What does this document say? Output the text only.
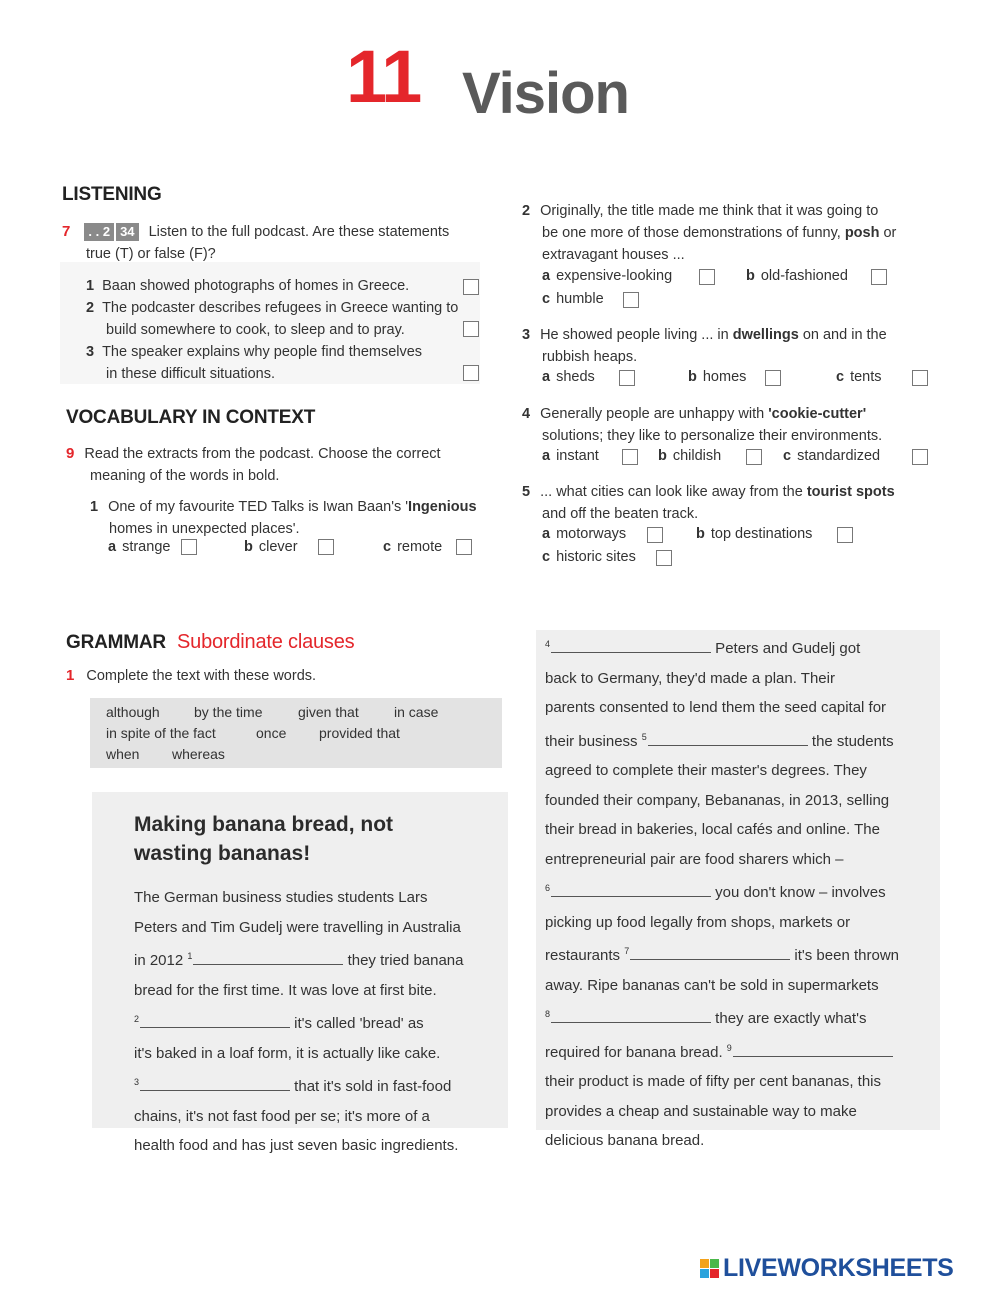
11 Vision
LISTENING
7	. . 2 34 Listen to the full podcast. Are these statements
true (T) or false (F)?
1 Baan showed photographs of homes in Greece.
2 The podcaster describes refugees in Greece wanting to
build somewhere to cook, to sleep and to pray.
3 The speaker explains why people find themselves
in these difficult situations.
VOCABULARY IN CONTEXT
9 Read the extracts from the podcast. Choose the correct
meaning of the words in bold.
1 One of my favourite TED Talks is Iwan Baan's 'Ingenious
homes in unexpected places'.
a strange	b clever	c remote
2 Originally, the title made me think that it was going to
be one more of those demonstrations of funny, posh or
extravagant houses ...
a expensive-looking	b old-fashioned
c humble
3 He showed people living ... in dwellings on and in the
rubbish heaps.
a sheds	b homes	c tents
4 Generally people are unhappy with 'cookie-cutter'
solutions; they like to personalize their environments.
a instant	b childish	c standardized
5 ... what cities can look like away from the tourist spots
and off the beaten track.
a motorways	b top destinations
c historic sites
GRAMMAR Subordinate clauses
1 Complete the text with these words.
although by the time	given that	in case
in spite of the fact	once provided that
when whereas
Making banana bread, not
wasting bananas!
The German business studies students Lars
Peters and Tim Gudelj were travelling in Australia
in 2012 $^1$	they tried banana
bread for the first time. It was love at first bite.
$^2$	it's called 'bread' as
it's baked in a loaf form, it is actually like cake.
$^3$	that it's sold in fast-food
chains, it's not fast food per se; it's more of a
health food and has just seven basic ingredients.
$^4$	Peters and Gudelj got
back to Germany, they'd made a plan. Their
parents consented to lend them the seed capital for
their business $^5$	the students
agreed to complete their master's degrees. They
founded their company, Bebananas, in 2013, selling
their bread in bakeries, local cafés and online. The
entrepreneurial pair are food sharers which –
$^6$	you don't know – involves
picking up food legally from shops, markets or
restaurants $^7$	it's been thrown
away. Ripe bananas can't be sold in supermarkets
$^8$	they are exactly what's
required for banana bread. $^9$
their product is made of fifty per cent bananas, this
provides a cheap and sustainable way to make
delicious banana bread.
LIVEWORKSHEETS
